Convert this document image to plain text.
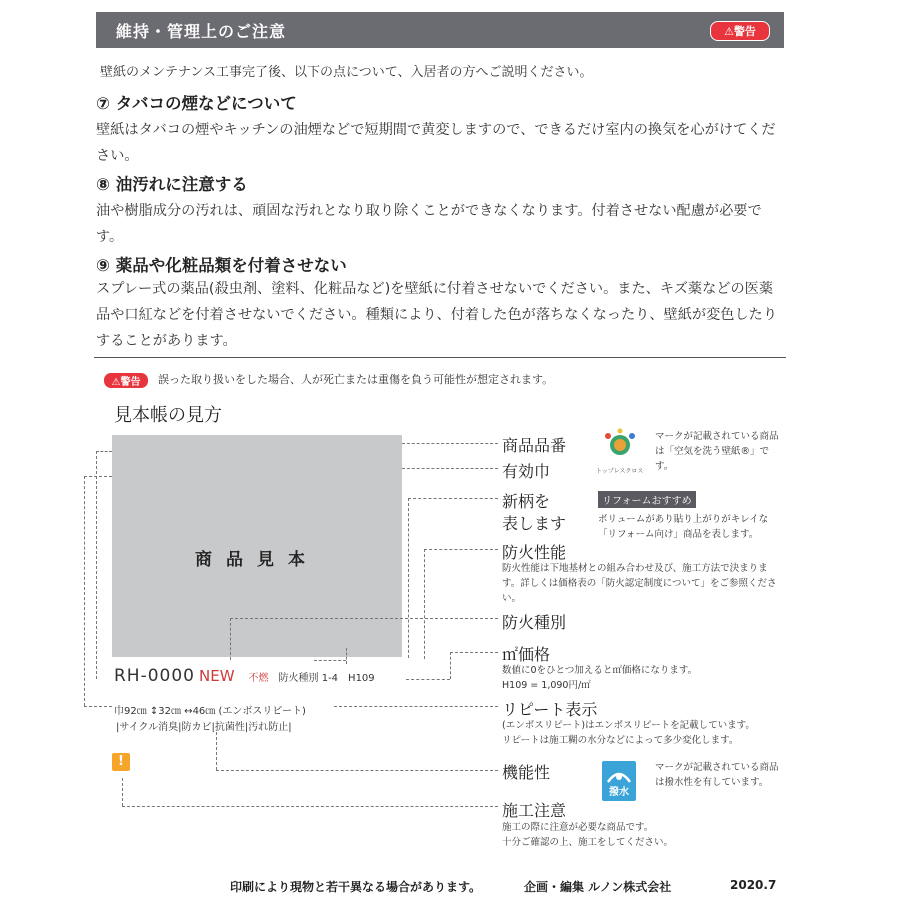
維持・管理上のご注意	⚠警告
壁紙のメンテナンス工事完了後、以下の点について、入居者の方へご説明ください。
⑦ タバコの煙などについて
壁紙はタバコの煙やキッチンの油煙などで短期間で黄変しますので、できるだけ室内の換気を心がけてください。
⑧ 油汚れに注意する
油や樹脂成分の汚れは、頑固な汚れとなり取り除くことができなくなります。付着させない配慮が必要です。
⑨ 薬品や化粧品類を付着させない
スプレー式の薬品(殺虫剤、塗料、化粧品など)を壁紙に付着させないでください。また、キズ薬などの医薬品や口紅などを付着させないでください。種類により、付着した色が落ちなくなったり、壁紙が変色したりすることがあります。
⚠警告 誤った取り扱いをした場合、人が死亡または重傷を負う可能性が想定されます。
見本帳の見方
商品見本
商品品番
有効巾
新柄を
表します
防火性能
防火性能は下地基材との組み合わせ及び、施工方法で決まります。詳しくは価格表の「防火認定制度について」をご参照ください。
防火種別
㎡価格
数値に0をひとつ加えると㎡価格になります。
H109 = 1,090円/㎡
リピート表示
(エンボスリピート)はエンボスリピートを記載しています。
リピートは施工糊の水分などによって多少変化します。
機能性
施工注意
施工の際に注意が必要な商品です。
十分ご確認の上、施工をしてください。
トップレスクロス
マークが記載されている商品は「空気を洗う壁紙®」です。
リフォームおすすめ
ボリュームがあり貼り上がりがキレイな「リフォーム向け」商品を表します。
撥水
マークが記載されている商品は撥水性を有しています。
RH-0000 NEW 不燃 防火種別 1-4 H109
巾92㎝ ↕32㎝ ↔46㎝ (エンボスリピート)
|サイクル消臭|防カビ|抗菌性|汚れ防止|
!
印刷により現物と若干異なる場合があります。	企画・編集 ルノン株式会社	2020.7
